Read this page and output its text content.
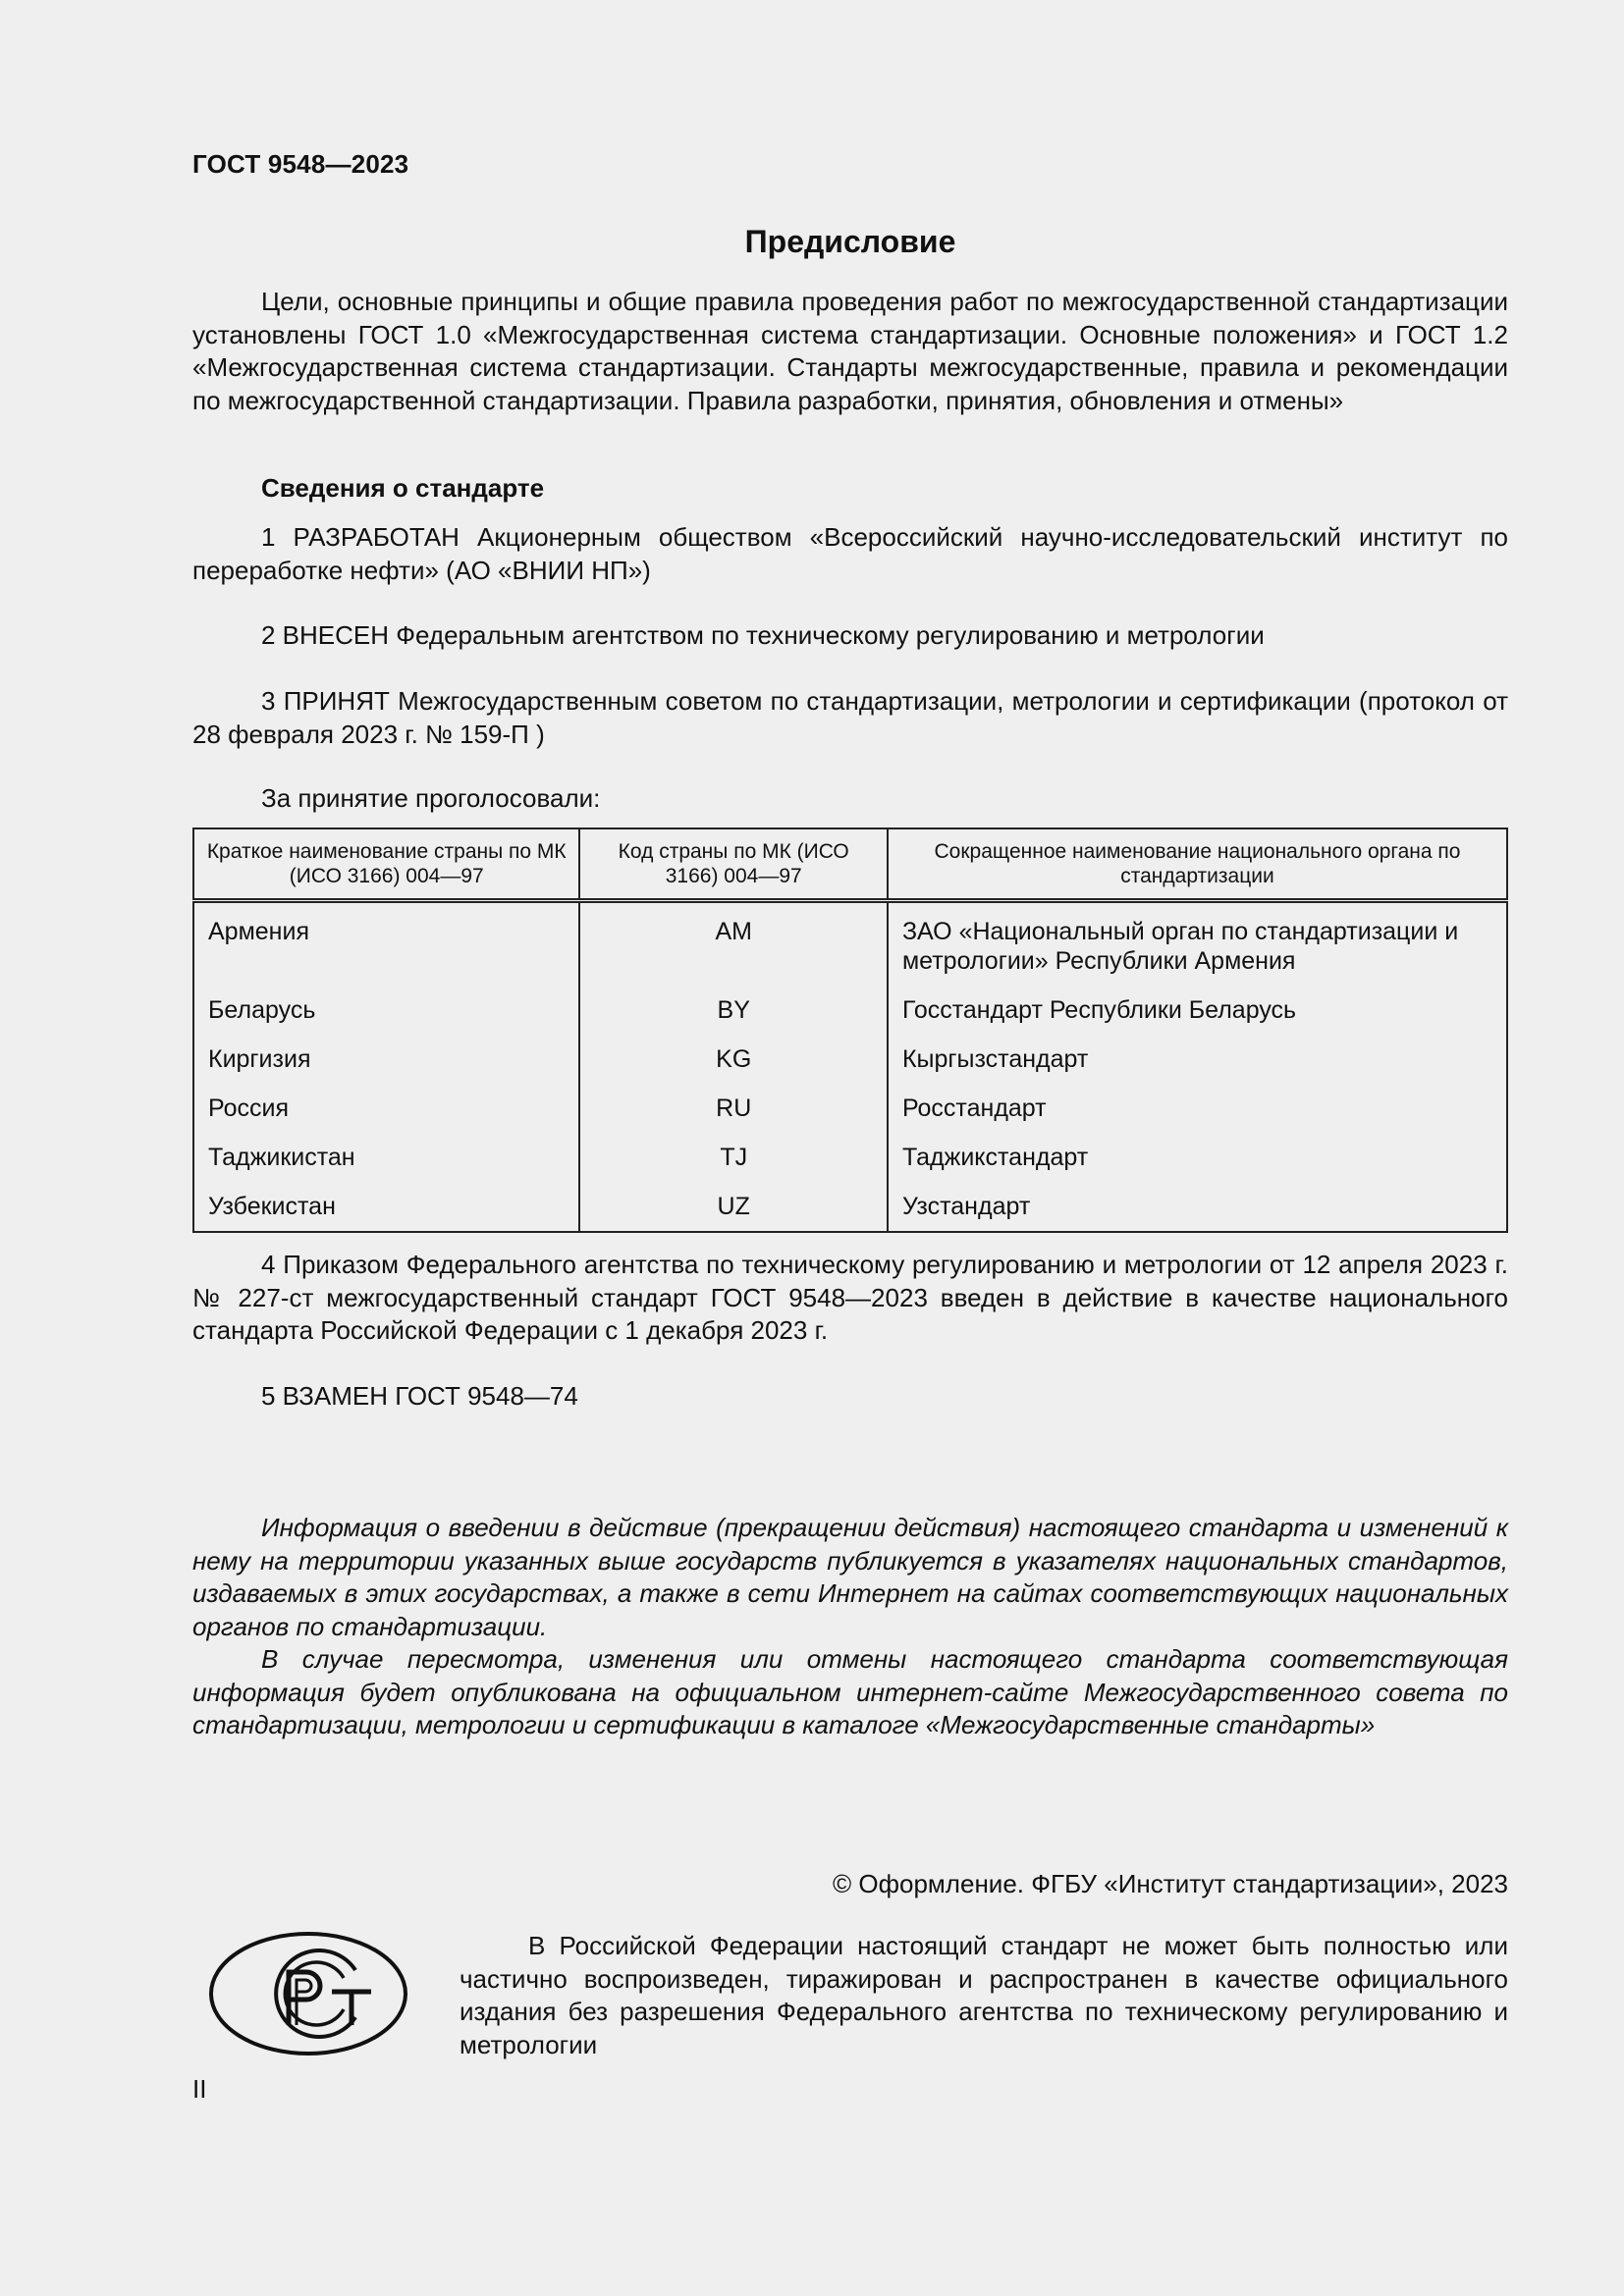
ГОСТ 9548—2023
Предисловие

Цели, основные принципы и общие правила проведения работ по межгосударственной стандартизации установлены ГОСТ 1.0 «Межгосударственная система стандартизации. Основные положения» и ГОСТ 1.2 «Межгосударственная система стандартизации. Стандарты межгосударственные, правила и рекомендации по межгосударственной стандартизации. Правила разработки, принятия, обновления и отмены»

Сведения о стандарте

1 РАЗРАБОТАН Акционерным обществом «Всероссийский научно-исследовательский институт по переработке нефти» (АО «ВНИИ НП»)

2 ВНЕСЕН Федеральным агентством по техническому регулированию и метрологии

3 ПРИНЯТ Межгосударственным советом по стандартизации, метрологии и сертификации (протокол от 28 февраля 2023 г. № 159-П )

За принятие проголосовали:

Краткое наименование страны по МК (ИСО 3166) 004—97	Код страны по МК (ИСО 3166) 004—97	Сокращенное наименование национального органа по стандартизации
Армения	AM	ЗАО «Национальный орган по стандартизации и метрологии» Республики Армения
Беларусь	BY	Госстандарт Республики Беларусь
Киргизия	KG	Кыргызстандарт
Россия	RU	Росстандарт
Таджикистан	TJ	Таджикстандарт
Узбекистан	UZ	Узстандарт

4 Приказом Федерального агентства по техническому регулированию и метрологии от 12 апреля 2023 г. № 227-ст межгосударственный стандарт ГОСТ 9548—2023 введен в действие в качестве национального стандарта Российской Федерации с 1 декабря 2023 г.

5 ВЗАМЕН ГОСТ 9548—74

Информация о введении в действие (прекращении действия) настоящего стандарта и изменений к нему на территории указанных выше государств публикуется в указателях национальных стандартов, издаваемых в этих государствах, а также в сети Интернет на сайтах соответствующих национальных органов по стандартизации.

В случае пересмотра, изменения или отмены настоящего стандарта соответствующая информация будет опубликована на официальном интернет-сайте Межгосударственного совета по стандартизации, метрологии и сертификации в каталоге «Межгосударственные стандарты»

© Оформление. ФГБУ «Институт стандартизации», 2023

В Российской Федерации настоящий стандарт не может быть полностью или частично воспроизведен, тиражирован и распространен в качестве официального издания без разрешения Федерального агентства по техническому регулированию и метрологии

II
